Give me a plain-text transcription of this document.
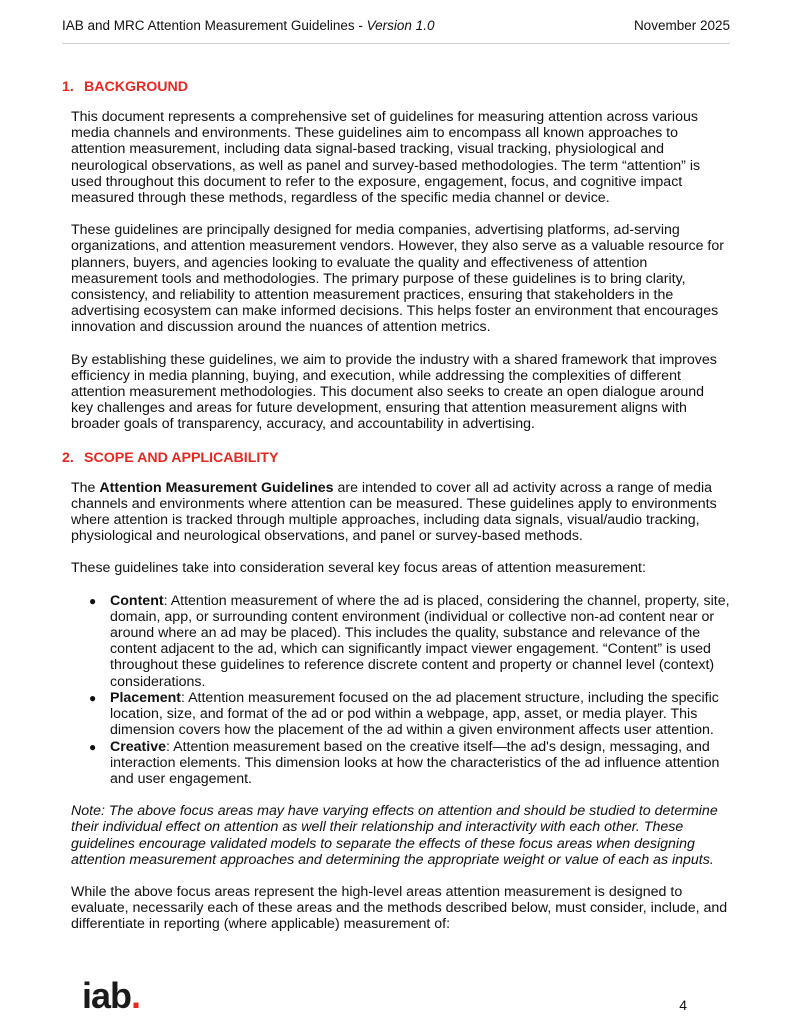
IAB and MRC Attention Measurement Guidelines - Version 1.0	November 2025
1. BACKGROUND

This document represents a comprehensive set of guidelines for measuring attention across various media channels and environments. These guidelines aim to encompass all known approaches to attention measurement, including data signal-based tracking, visual tracking, physiological and neurological observations, as well as panel and survey-based methodologies. The term “attention” is used throughout this document to refer to the exposure, engagement, focus, and cognitive impact measured through these methods, regardless of the specific media channel or device.

These guidelines are principally designed for media companies, advertising platforms, ad-serving organizations, and attention measurement vendors. However, they also serve as a valuable resource for planners, buyers, and agencies looking to evaluate the quality and effectiveness of attention measurement tools and methodologies. The primary purpose of these guidelines is to bring clarity, consistency, and reliability to attention measurement practices, ensuring that stakeholders in the advertising ecosystem can make informed decisions. This helps foster an environment that encourages innovation and discussion around the nuances of attention metrics.

By establishing these guidelines, we aim to provide the industry with a shared framework that improves efficiency in media planning, buying, and execution, while addressing the complexities of different attention measurement methodologies. This document also seeks to create an open dialogue around key challenges and areas for future development, ensuring that attention measurement aligns with broader goals of transparency, accuracy, and accountability in advertising.

2. SCOPE AND APPLICABILITY

The Attention Measurement Guidelines are intended to cover all ad activity across a range of media channels and environments where attention can be measured. These guidelines apply to environments where attention is tracked through multiple approaches, including data signals, visual/audio tracking, physiological and neurological observations, and panel or survey-based methods.

These guidelines take into consideration several key focus areas of attention measurement:

● Content: Attention measurement of where the ad is placed, considering the channel, property, site, domain, app, or surrounding content environment (individual or collective non-ad content near or around where an ad may be placed). This includes the quality, substance and relevance of the content adjacent to the ad, which can significantly impact viewer engagement. “Content” is used throughout these guidelines to reference discrete content and property or channel level (context) considerations.
● Placement: Attention measurement focused on the ad placement structure, including the specific location, size, and format of the ad or pod within a webpage, app, asset, or media player. This dimension covers how the placement of the ad within a given environment affects user attention.
● Creative: Attention measurement based on the creative itself—the ad's design, messaging, and interaction elements. This dimension looks at how the characteristics of the ad influence attention and user engagement.

Note: The above focus areas may have varying effects on attention and should be studied to determine their individual effect on attention as well their relationship and interactivity with each other. These guidelines encourage validated models to separate the effects of these focus areas when designing attention measurement approaches and determining the appropriate weight or value of each as inputs.

While the above focus areas represent the high-level areas attention measurement is designed to evaluate, necessarily each of these areas and the methods described below, must consider, include, and differentiate in reporting (where applicable) measurement of:

iab.	4
